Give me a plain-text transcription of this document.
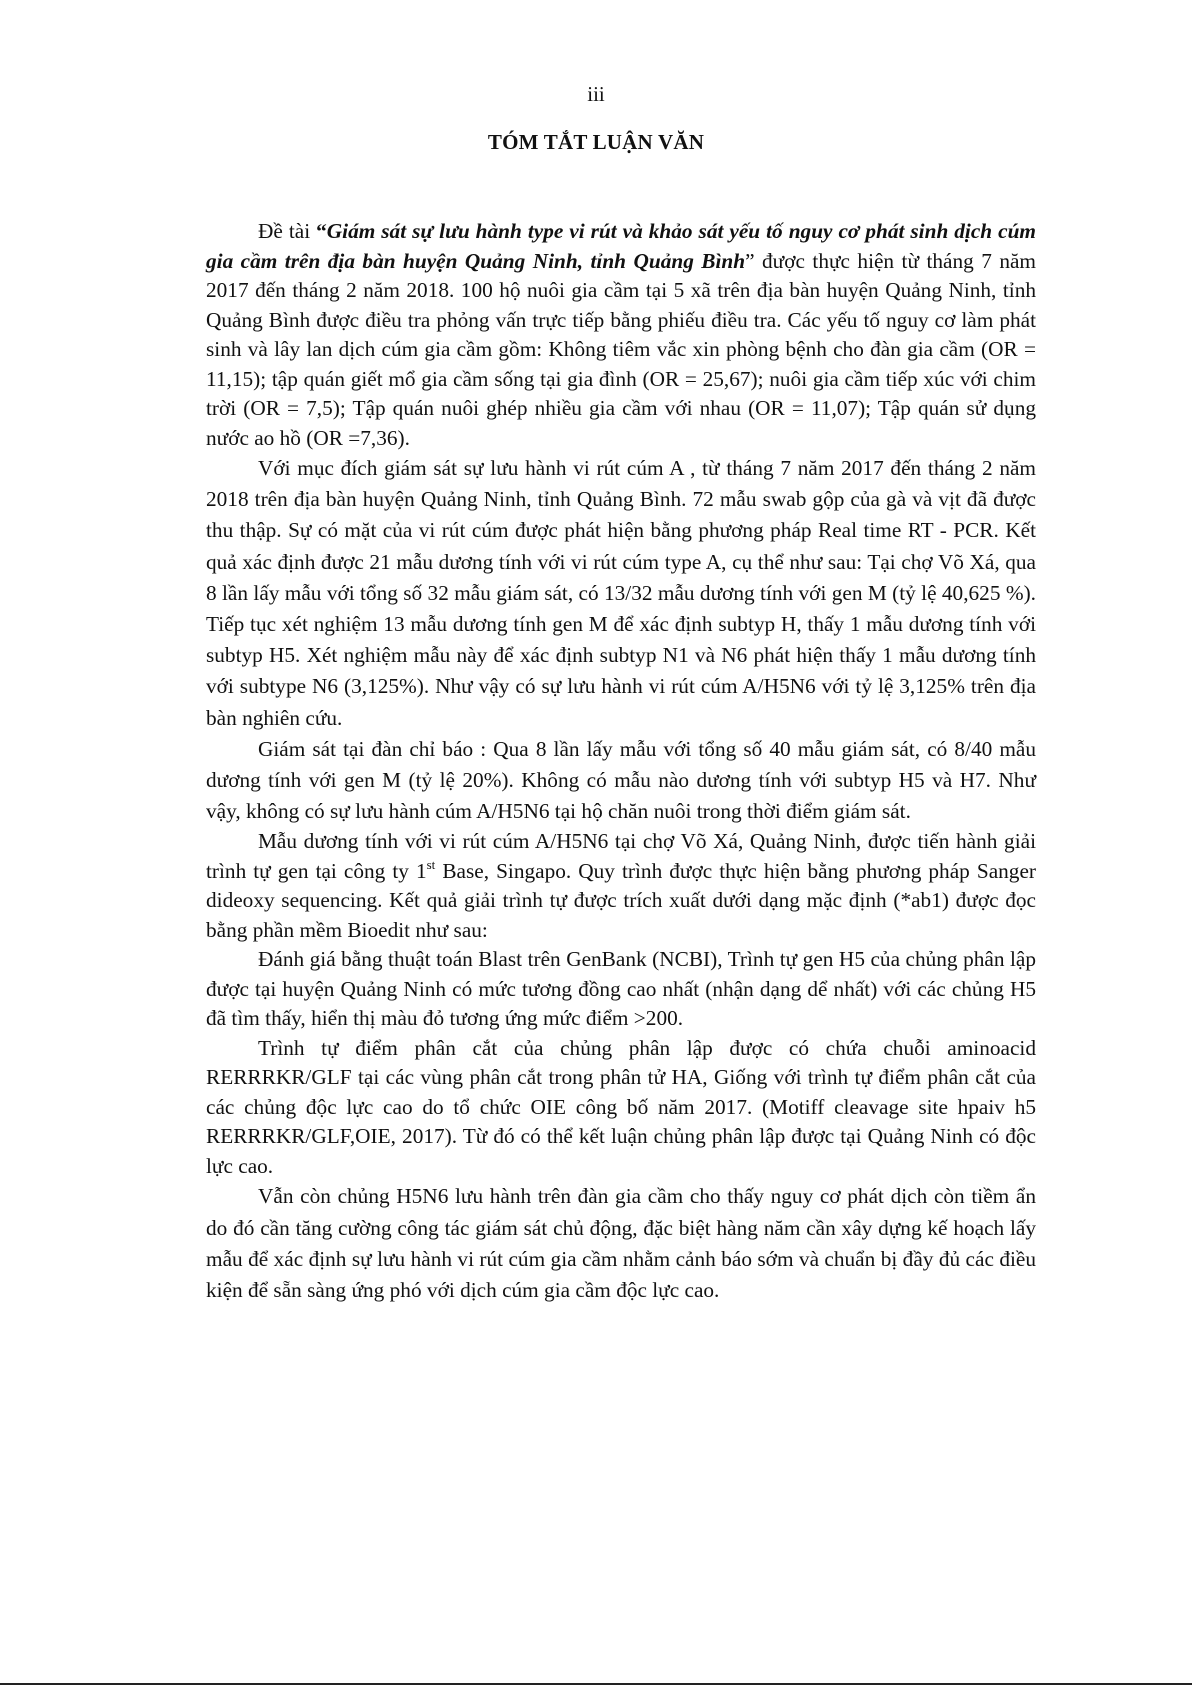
iii
TÓM TẮT LUẬN VĂN

Đề tài “Giám sát sự lưu hành type vi rút và khảo sát yếu tố nguy cơ phát sinh dịch cúm gia cầm trên địa bàn huyện Quảng Ninh, tỉnh Quảng Bình” được thực hiện từ tháng 7 năm 2017 đến tháng 2 năm 2018. 100 hộ nuôi gia cầm tại 5 xã trên địa bàn huyện Quảng Ninh, tỉnh Quảng Bình được điều tra phỏng vấn trực tiếp bằng phiếu điều tra. Các yếu tố nguy cơ làm phát sinh và lây lan dịch cúm gia cầm gồm: Không tiêm vắc xin phòng bệnh cho đàn gia cầm (OR = 11,15); tập quán giết mổ gia cầm sống tại gia đình (OR = 25,67); nuôi gia cầm tiếp xúc với chim trời (OR = 7,5); Tập quán nuôi ghép nhiều gia cầm với nhau (OR = 11,07); Tập quán sử dụng nước ao hồ (OR =7,36).

Với mục đích giám sát sự lưu hành vi rút cúm A , từ tháng 7 năm 2017 đến tháng 2 năm 2018 trên địa bàn huyện Quảng Ninh, tỉnh Quảng Bình. 72 mẫu swab gộp của gà và vịt đã được thu thập. Sự có mặt của vi rút cúm được phát hiện bằng phương pháp Real time RT - PCR. Kết quả xác định được 21 mẫu dương tính với vi rút cúm type A, cụ thể như sau: Tại chợ Võ Xá, qua 8 lần lấy mẫu với tổng số 32 mẫu giám sát, có 13/32 mẫu dương tính với gen M (tỷ lệ 40,625 %). Tiếp tục xét nghiệm 13 mẫu dương tính gen M để xác định subtyp H, thấy 1 mẫu dương tính với subtyp H5. Xét nghiệm mẫu này để xác định subtyp N1 và N6 phát hiện thấy 1 mẫu dương tính với subtype N6 (3,125%). Như vậy có sự lưu hành vi rút cúm A/H5N6 với tỷ lệ 3,125% trên địa bàn nghiên cứu.

Giám sát tại đàn chỉ báo : Qua 8 lần lấy mẫu với tổng số 40 mẫu giám sát, có 8/40 mẫu dương tính với gen M (tỷ lệ 20%). Không có mẫu nào dương tính với subtyp H5 và H7. Như vậy, không có sự lưu hành cúm A/H5N6 tại hộ chăn nuôi trong thời điểm giám sát.

Mẫu dương tính với vi rút cúm A/H5N6 tại chợ Võ Xá, Quảng Ninh, được tiến hành giải trình tự gen tại công ty 1st Base, Singapo. Quy trình được thực hiện bằng phương pháp Sanger dideoxy sequencing. Kết quả giải trình tự được trích xuất dưới dạng mặc định (*ab1) được đọc bằng phần mềm Bioedit như sau:

Đánh giá bằng thuật toán Blast trên GenBank (NCBI), Trình tự gen H5 của chủng phân lập được tại huyện Quảng Ninh có mức tương đồng cao nhất (nhận dạng dể nhất) với các chủng H5 đã tìm thấy, hiển thị màu đỏ tương ứng mức điểm >200.

Trình tự điểm phân cắt của chủng phân lập được có chứa chuỗi aminoacid RERRRKR/GLF tại các vùng phân cắt trong phân tử HA, Giống với trình tự điểm phân cắt của các chủng độc lực cao do tổ chức OIE công bố năm 2017. (Motiff cleavage site hpaiv h5 RERRRKR/GLF,OIE, 2017). Từ đó có thể kết luận chủng phân lập được tại Quảng Ninh có độc lực cao.

Vẫn còn chủng H5N6 lưu hành trên đàn gia cầm cho thấy nguy cơ phát dịch còn tiềm ẩn do đó cần tăng cường công tác giám sát chủ động, đặc biệt hàng năm cần xây dựng kế hoạch lấy mẫu để xác định sự lưu hành vi rút cúm gia cầm nhằm cảnh báo sớm và chuẩn bị đầy đủ các điều kiện để sẵn sàng ứng phó với dịch cúm gia cầm độc lực cao.
